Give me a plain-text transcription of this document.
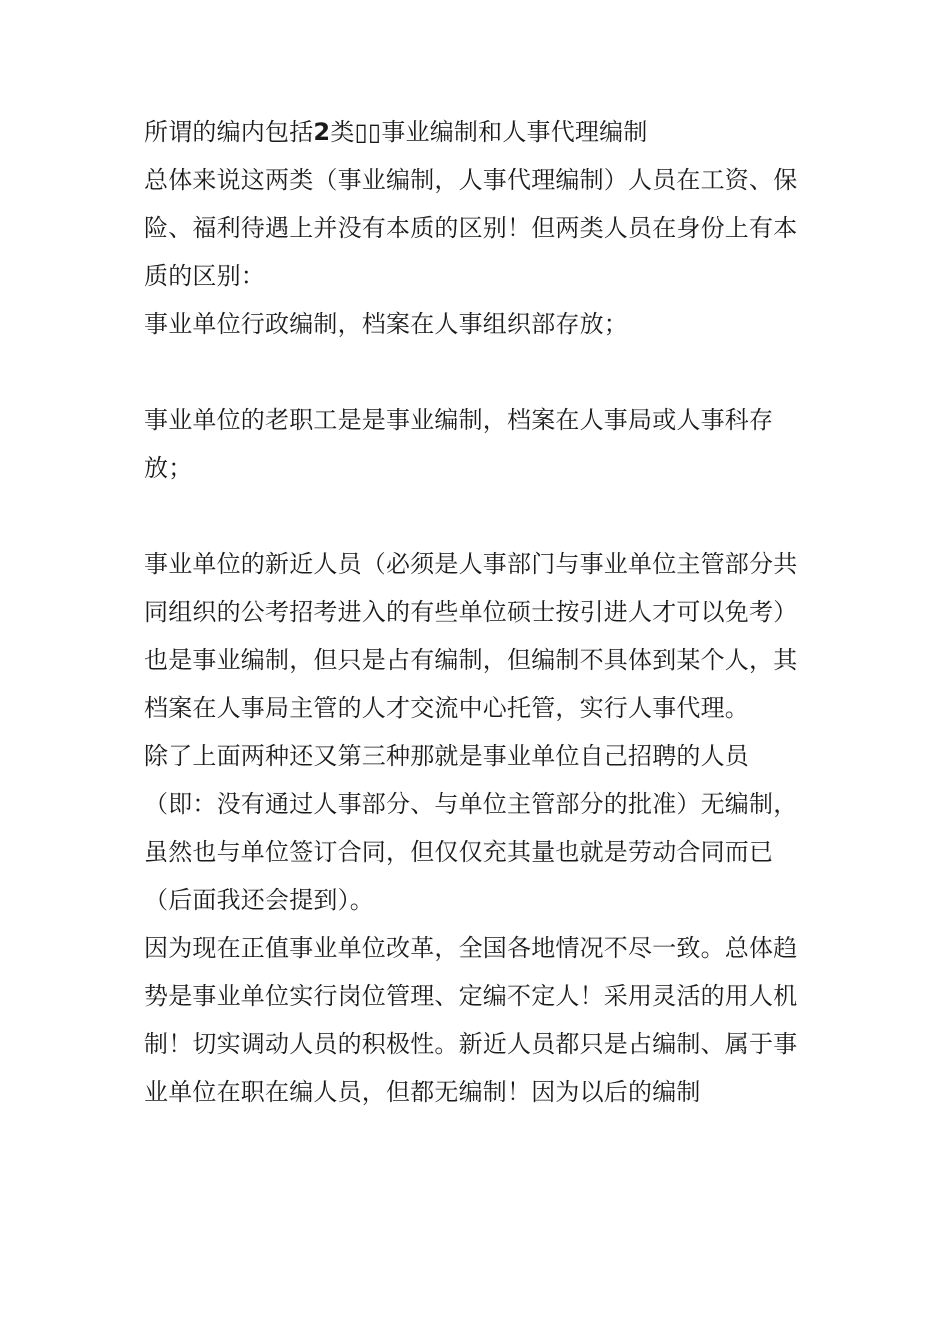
所谓的编内包括2类▯▯事业编制和人事代理编制

总体来说这两类（事业编制，人事代理编制）人员在工资、保险、福利待遇上并没有本质的区别！但两类人员在身份上有本质的区别：

事业单位行政编制，档案在人事组织部存放；

事业单位的老职工是是事业编制，档案在人事局或人事科存放；

事业单位的新近人员（必须是人事部门与事业单位主管部分共同组织的公考招考进入的有些单位硕士按引进人才可以免考）也是事业编制，但只是占有编制，但编制不具体到某个人，其档案在人事局主管的人才交流中心托管，实行人事代理。

除了上面两种还又第三种那就是事业单位自己招聘的人员（即：没有通过人事部分、与单位主管部分的批准）无编制，虽然也与单位签订合同，但仅仅充其量也就是劳动合同而已（后面我还会提到）。

因为现在正值事业单位改革，全国各地情况不尽一致。总体趋势是事业单位实行岗位管理、定编不定人！采用灵活的用人机制！切实调动人员的积极性。新近人员都只是占编制、属于事业单位在职在编人员，但都无编制！因为以后的编制
